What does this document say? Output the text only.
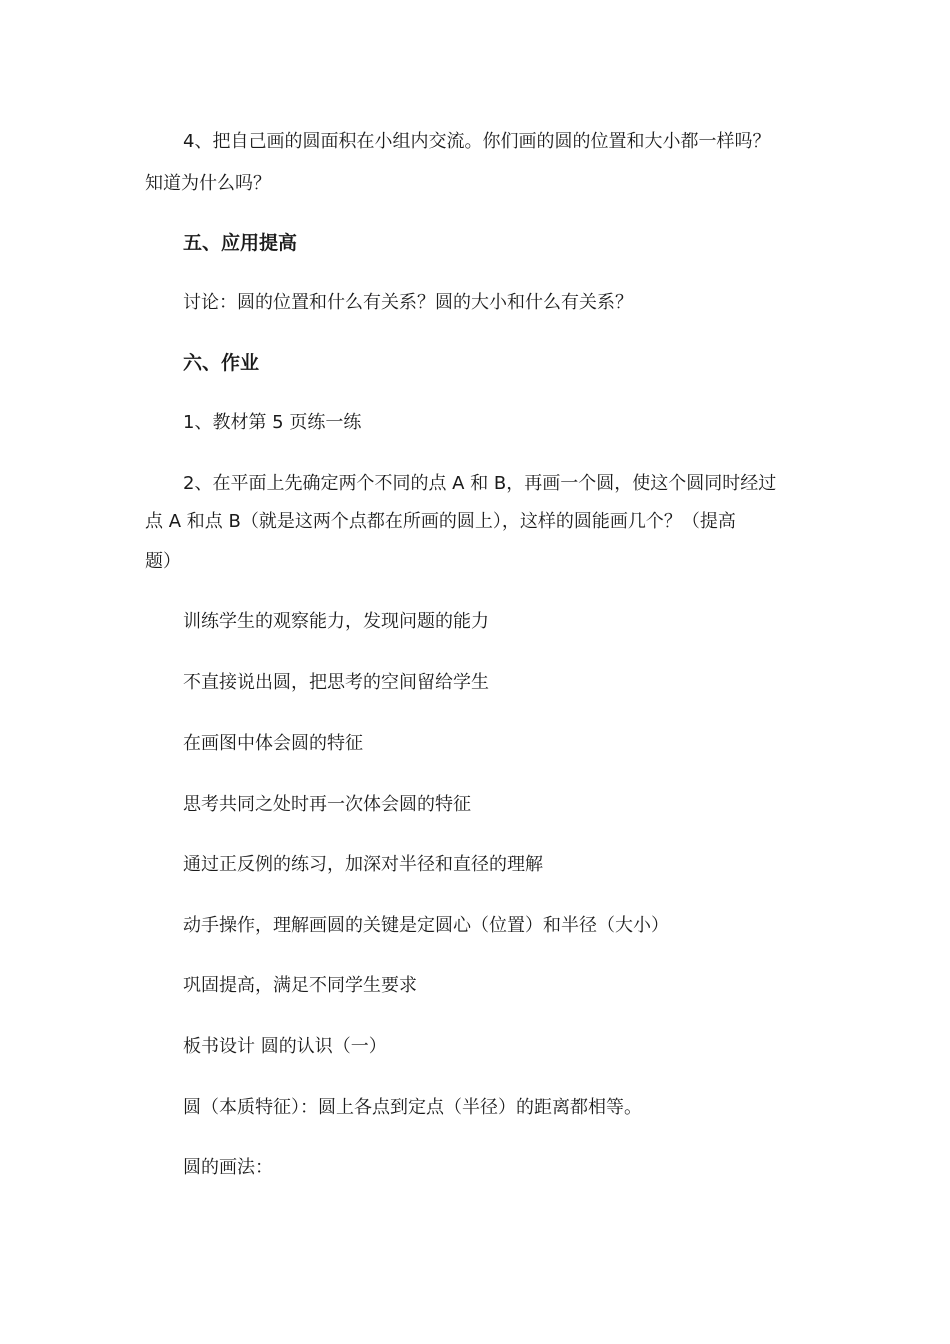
4、把自己画的圆面积在小组内交流。你们画的圆的位置和大小都一样吗？

知道为什么吗？

五、应用提高

讨论：圆的位置和什么有关系？圆的大小和什么有关系？

六、作业

1、教材第 5 页练一练

2、在平面上先确定两个不同的点 A 和 B，再画一个圆，使这个圆同时经过

点 A 和点 B（就是这两个点都在所画的圆上），这样的圆能画几个？（提高

题）

训练学生的观察能力，发现问题的能力

不直接说出圆，把思考的空间留给学生

在画图中体会圆的特征

思考共同之处时再一次体会圆的特征

通过正反例的练习，加深对半径和直径的理解

动手操作，理解画圆的关键是定圆心（位置）和半径（大小）

巩固提高，满足不同学生要求

板书设计 圆的认识（一）

圆（本质特征）：圆上各点到定点（半径）的距离都相等。

圆的画法：
